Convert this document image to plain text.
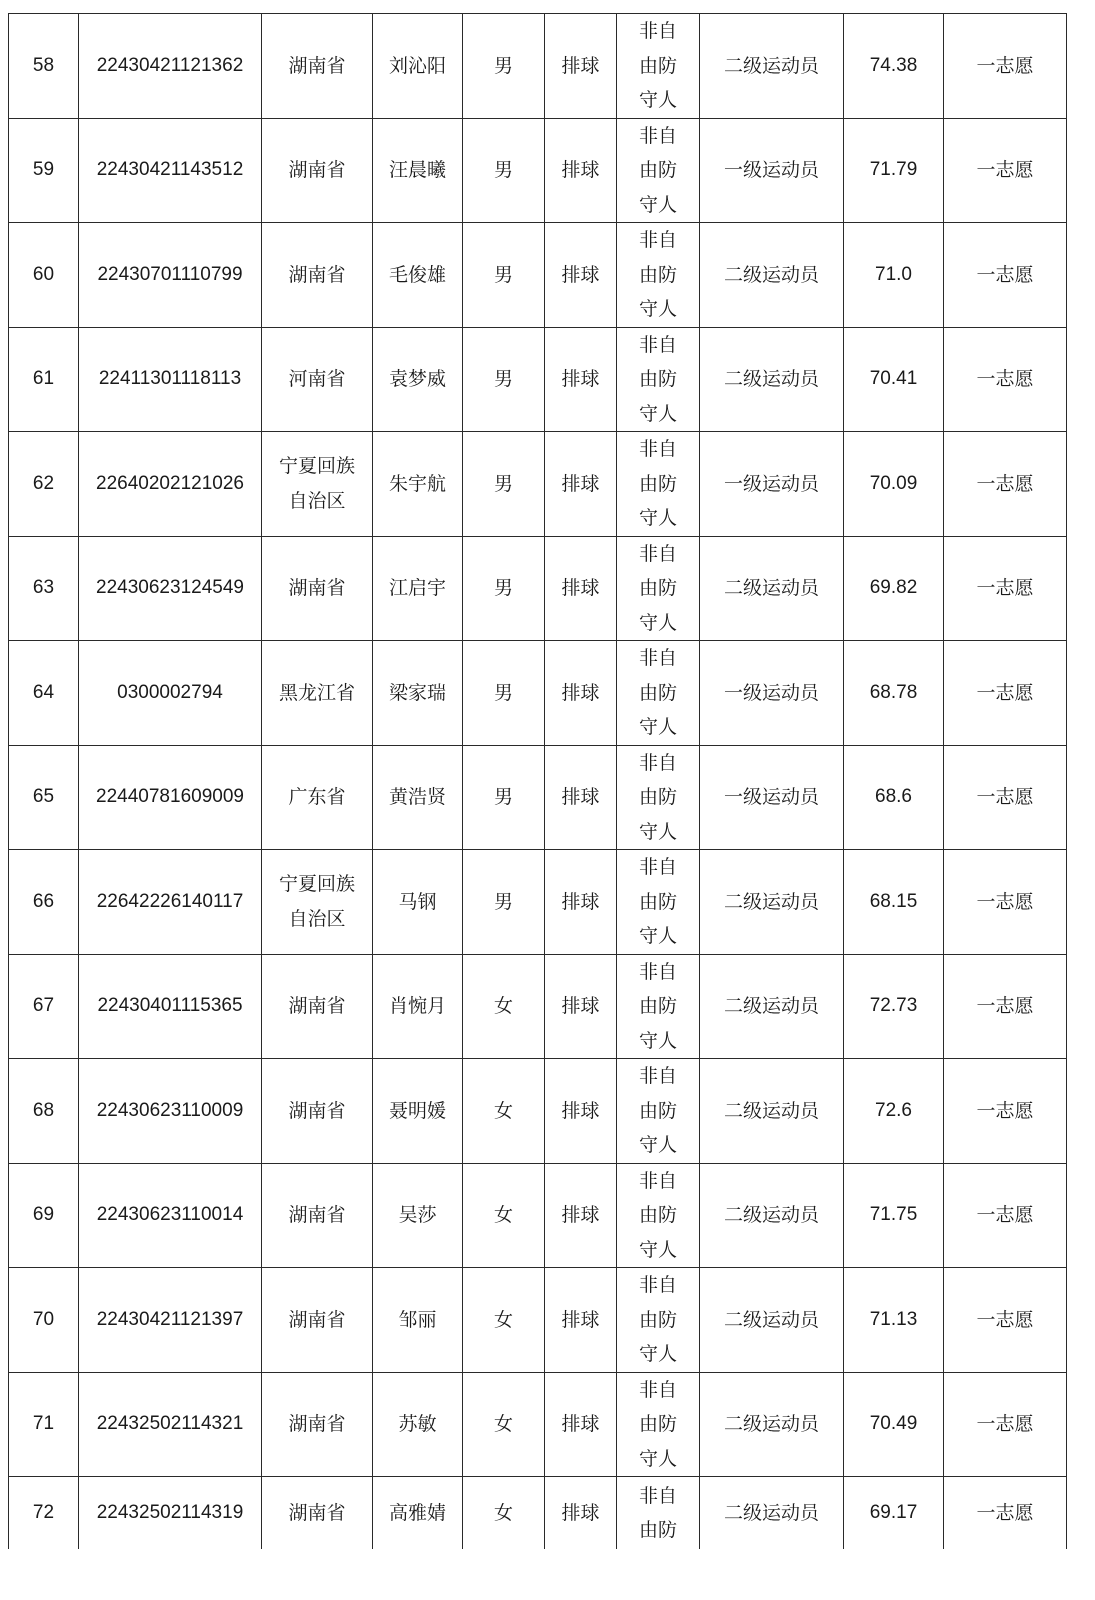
58	22430421121362	湖南省	刘沁阳	男	排球	非自由防守人	二级运动员	74.38	一志愿
59	22430421143512	湖南省	汪晨曦	男	排球	非自由防守人	一级运动员	71.79	一志愿
60	22430701110799	湖南省	毛俊雄	男	排球	非自由防守人	二级运动员	71.0	一志愿
61	22411301118113	河南省	袁梦威	男	排球	非自由防守人	二级运动员	70.41	一志愿
62	22640202121026	宁夏回族自治区	朱宇航	男	排球	非自由防守人	一级运动员	70.09	一志愿
63	22430623124549	湖南省	江启宇	男	排球	非自由防守人	二级运动员	69.82	一志愿
64	0300002794	黑龙江省	梁家瑞	男	排球	非自由防守人	一级运动员	68.78	一志愿
65	22440781609009	广东省	黄浩贤	男	排球	非自由防守人	一级运动员	68.6	一志愿
66	22642226140117	宁夏回族自治区	马钢	男	排球	非自由防守人	二级运动员	68.15	一志愿
67	22430401115365	湖南省	肖惋月	女	排球	非自由防守人	二级运动员	72.73	一志愿
68	22430623110009	湖南省	聂明媛	女	排球	非自由防守人	二级运动员	72.6	一志愿
69	22430623110014	湖南省	吴莎	女	排球	非自由防守人	二级运动员	71.75	一志愿
70	22430421121397	湖南省	邹丽	女	排球	非自由防守人	二级运动员	71.13	一志愿
71	22432502114321	湖南省	苏敏	女	排球	非自由防守人	二级运动员	70.49	一志愿
72	22432502114319	湖南省	高雅婧	女	排球	非自由防	二级运动员	69.17	一志愿
